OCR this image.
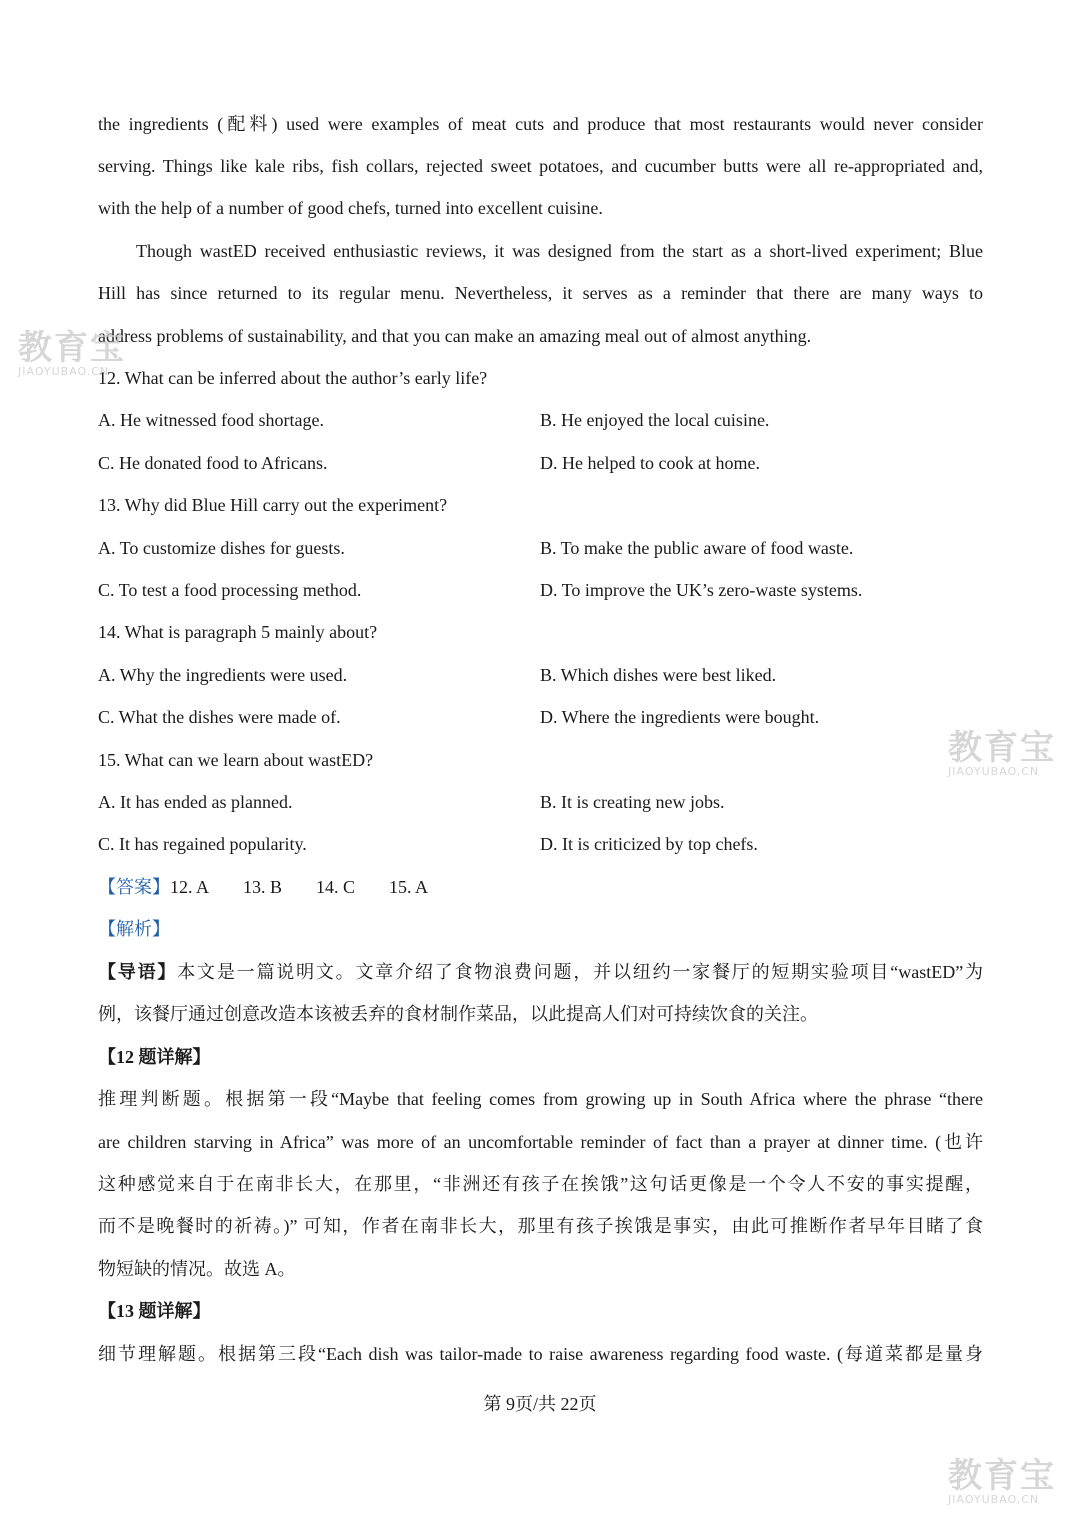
the ingredients (配料) used were examples of meat cuts and produce that most restaurants would never consider
serving. Things like kale ribs, fish collars, rejected sweet potatoes, and cucumber butts were all re-appropriated and,
with the help of a number of good chefs, turned into excellent cuisine.
Though wastED received enthusiastic reviews, it was designed from the start as a short-lived experiment; Blue
Hill has since returned to its regular menu. Nevertheless, it serves as a reminder that there are many ways to
address problems of sustainability, and that you can make an amazing meal out of almost anything.
12. What can be inferred about the author’s early life?
A. He witnessed food shortage.	B. He enjoyed the local cuisine.
C. He donated food to Africans.	D. He helped to cook at home.
13. Why did Blue Hill carry out the experiment?
A. To customize dishes for guests.	B. To make the public aware of food waste.
C. To test a food processing method.	D. To improve the UK’s zero-waste systems.
14. What is paragraph 5 mainly about?
A. Why the ingredients were used.	B. Which dishes were best liked.
C. What the dishes were made of.	D. Where the ingredients were bought.
15. What can we learn about wastED?
A. It has ended as planned.	B. It is creating new jobs.
C. It has regained popularity.	D. It is criticized by top chefs.
【答案】12. A 13. B 14. C 15. A
【解析】
【导语】本文是一篇说明文。文章介绍了食物浪费问题，并以纽约一家餐厅的短期实验项目“wastED”为
例，该餐厅通过创意改造本该被丢弃的食材制作菜品，以此提高人们对可持续饮食的关注。
【12 题详解】
推理判断题。根据第一段“Maybe that feeling comes from growing up in South Africa where the phrase “there
are children starving in Africa” was more of an uncomfortable reminder of fact than a prayer at dinner time. (也许
这种感觉来自于在南非长大，在那里，“非洲还有孩子在挨饿”这句话更像是一个令人不安的事实提醒，
而不是晚餐时的祈祷。)” 可知，作者在南非长大，那里有孩子挨饿是事实，由此可推断作者早年目睹了食
物短缺的情况。故选 A。
【13 题详解】
细节理解题。根据第三段“Each dish was tailor-made to raise awareness regarding food waste. (每道菜都是量身
第 9页/共 22页
教育宝
JIAOYUBAO.CN
教育宝
JIAOYUBAO.CN
教育宝
JIAOYUBAO.CN
